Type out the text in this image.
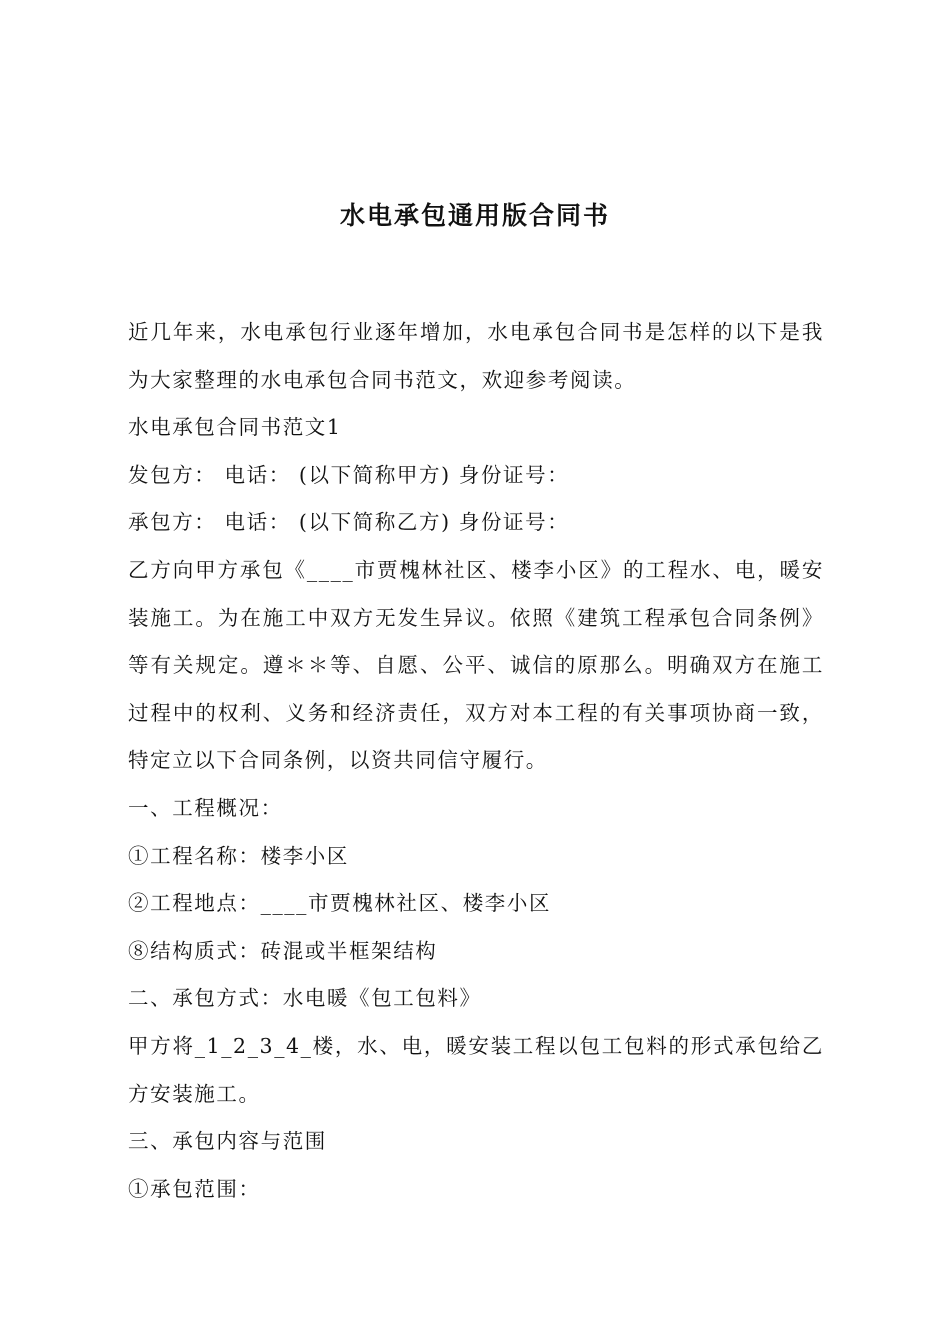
水电承包通用版合同书

近几年来，水电承包行业逐年增加，水电承包合同书是怎样的以下是我为大家整理的水电承包合同书范文，欢迎参考阅读。

水电承包合同书范文1

发包方： 电话： (以下简称甲方) 身份证号：

承包方： 电话： (以下简称乙方) 身份证号：

乙方向甲方承包《____市贾槐林社区、楼李小区》的工程水、电，暖安装施工。为在施工中双方无发生异议。依照《建筑工程承包合同条例》等有关规定。遵＊＊等、自愿、公平、诚信的原那么。明确双方在施工过程中的权利、义务和经济责任，双方对本工程的有关事项协商一致，特定立以下合同条例，以资共同信守履行。

一、工程概况：

①工程名称：楼李小区

②工程地点：____市贾槐林社区、楼李小区

⑧结构质式：砖混或半框架结构

二、承包方式：水电暖《包工包料》

甲方将_1_2_3_4_楼，水、电，暖安装工程以包工包料的形式承包给乙方安装施工。

三、承包内容与范围

①承包范围：
